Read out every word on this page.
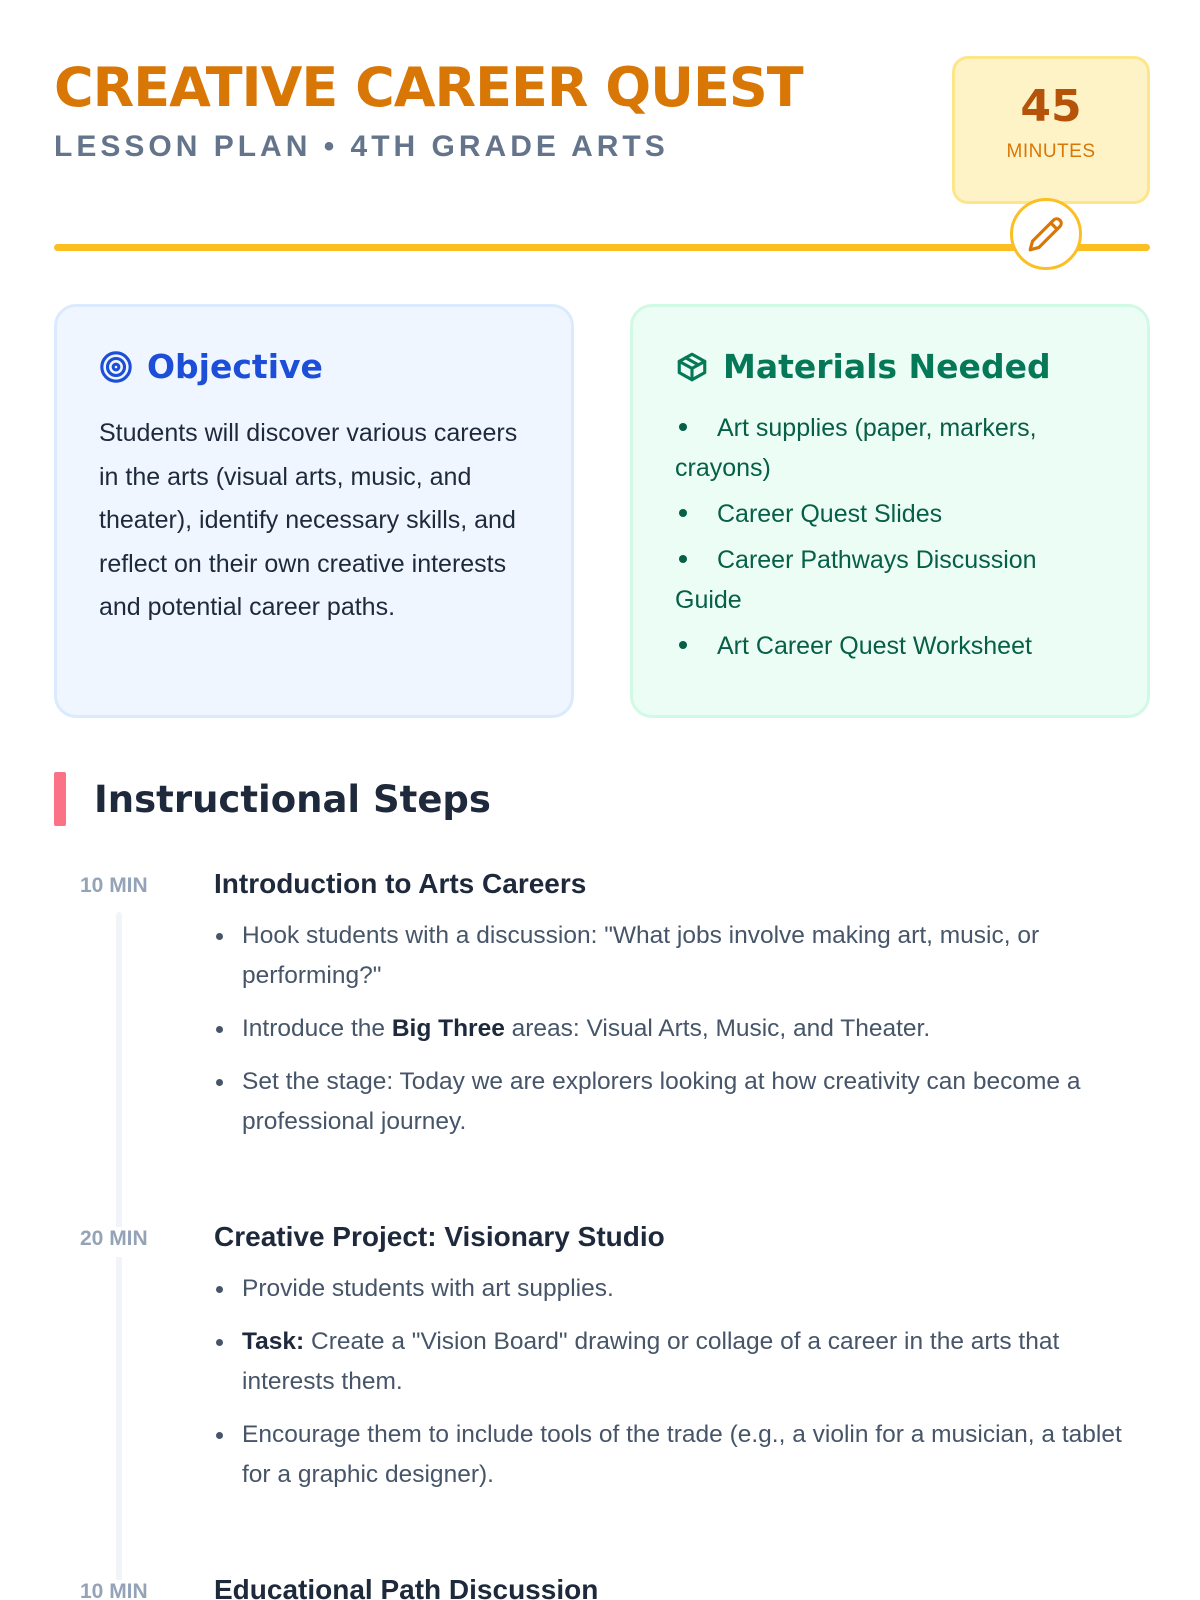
CREATIVE CAREER QUEST
LESSON PLAN • 4TH GRADE ARTS
45
MINUTES
Objective

Students will discover various careers in the arts (visual arts, music, and theater), identify necessary skills, and reflect on their own creative interests and potential career paths.

Materials Needed
Art supplies (paper, markers, crayons)
Career Quest Slides
Career Pathways Discussion Guide
Art Career Quest Worksheet
Instructional Steps
10 MIN Introduction to Arts Careers
Hook students with a discussion: "What jobs involve making art, music, or performing?"
Introduce the Big Three areas: Visual Arts, Music, and Theater.
Set the stage: Today we are explorers looking at how creativity can become a professional journey.
20 MIN Creative Project: Visionary Studio
Provide students with art supplies.
Task: Create a "Vision Board" drawing or collage of a career in the arts that interests them.
Encourage them to include tools of the trade (e.g., a violin for a musician, a tablet for a graphic designer).
10 MIN Educational Path Discussion
